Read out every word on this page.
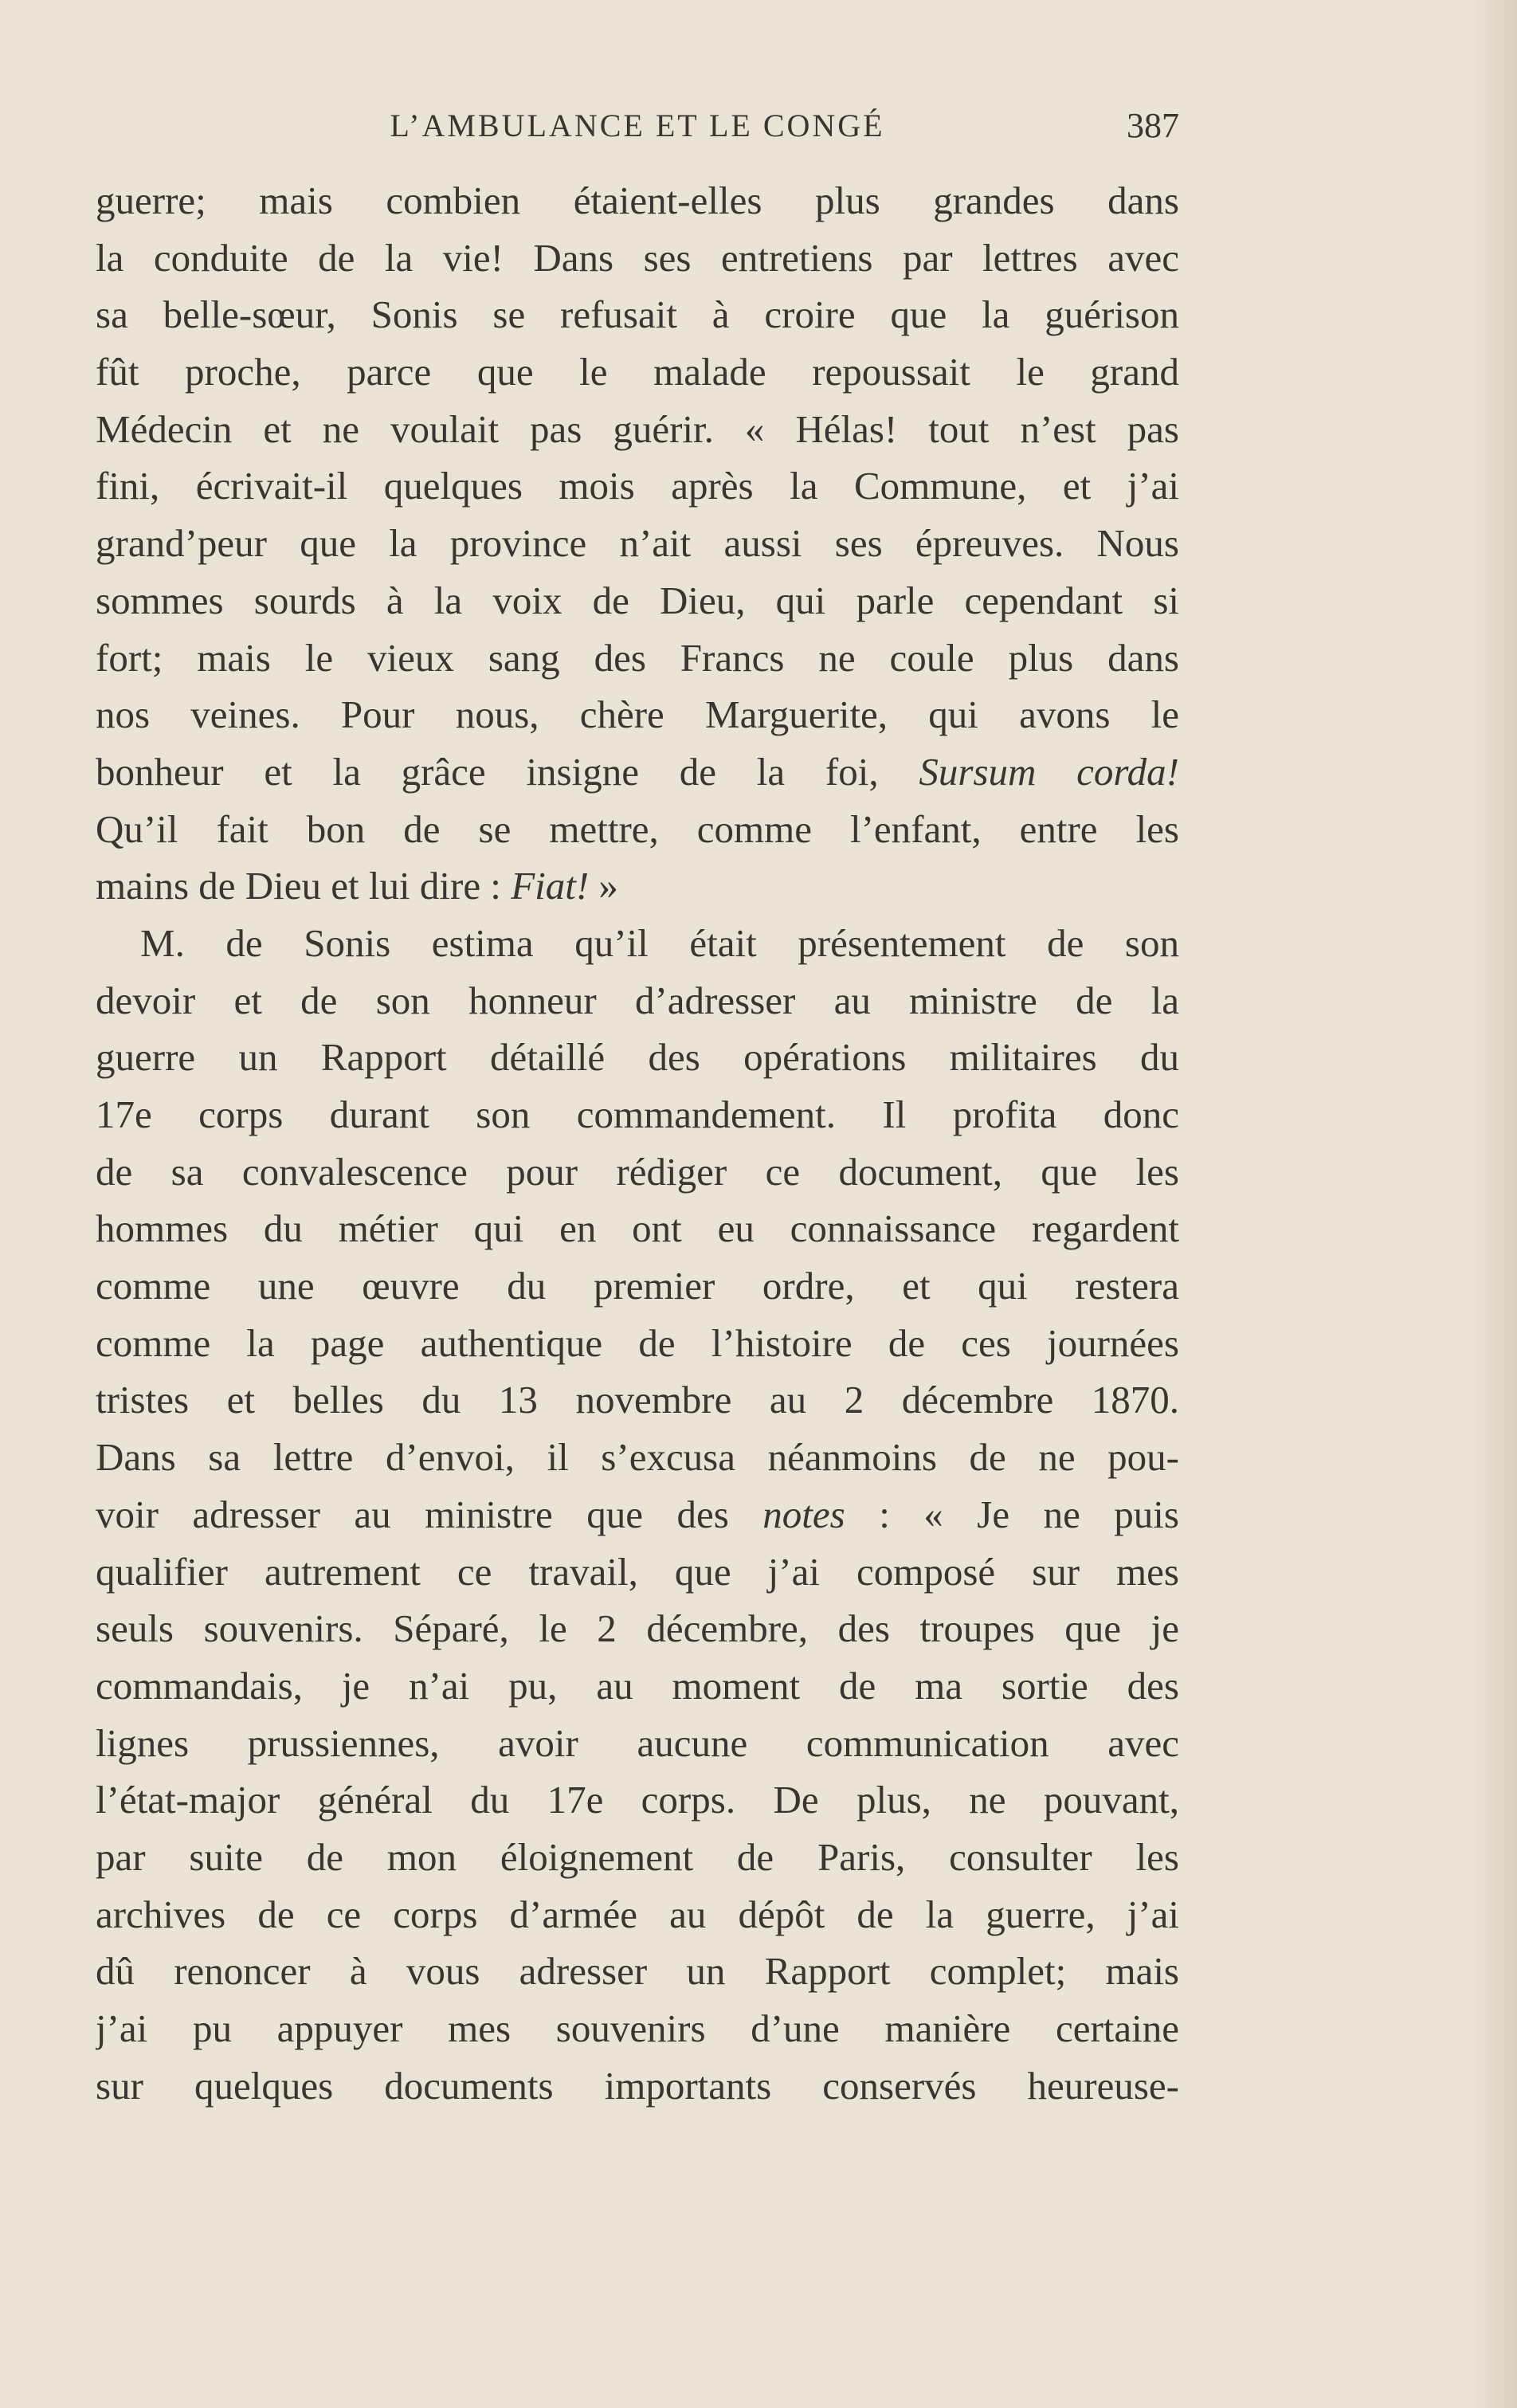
L’AMBULANCE ET LE CONGÉ	387
guerre; mais combien étaient-elles plus grandes dans
la conduite de la vie! Dans ses entretiens par lettres avec
sa belle-sœur, Sonis se refusait à croire que la guérison
fût proche, parce que le malade repoussait le grand
Médecin et ne voulait pas guérir. « Hélas! tout n’est pas
fini, écrivait-il quelques mois après la Commune, et j’ai
grand’peur que la province n’ait aussi ses épreuves. Nous
sommes sourds à la voix de Dieu, qui parle cependant si
fort; mais le vieux sang des Francs ne coule plus dans
nos veines. Pour nous, chère Marguerite, qui avons le
bonheur et la grâce insigne de la foi, Sursum corda!
Qu’il fait bon de se mettre, comme l’enfant, entre les
mains de Dieu et lui dire : Fiat! »
M. de Sonis estima qu’il était présentement de son
devoir et de son honneur d’adresser au ministre de la
guerre un Rapport détaillé des opérations militaires du
17e corps durant son commandement. Il profita donc
de sa convalescence pour rédiger ce document, que les
hommes du métier qui en ont eu connaissance regardent
comme une œuvre du premier ordre, et qui restera
comme la page authentique de l’histoire de ces journées
tristes et belles du 13 novembre au 2 décembre 1870.
Dans sa lettre d’envoi, il s’excusa néanmoins de ne pou-
voir adresser au ministre que des notes : « Je ne puis
qualifier autrement ce travail, que j’ai composé sur mes
seuls souvenirs. Séparé, le 2 décembre, des troupes que je
commandais, je n’ai pu, au moment de ma sortie des
lignes prussiennes, avoir aucune communication avec
l’état-major général du 17e corps. De plus, ne pouvant,
par suite de mon éloignement de Paris, consulter les
archives de ce corps d’armée au dépôt de la guerre, j’ai
dû renoncer à vous adresser un Rapport complet; mais
j’ai pu appuyer mes souvenirs d’une manière certaine
sur quelques documents importants conservés heureuse-
